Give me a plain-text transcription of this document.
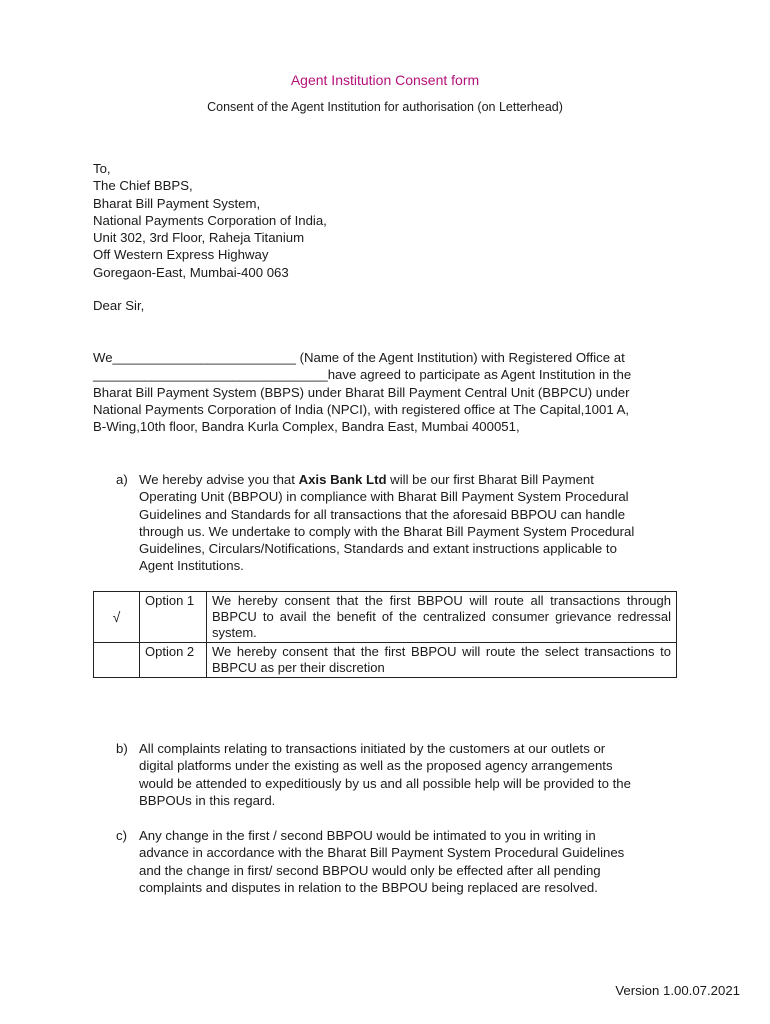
Agent Institution Consent form
Consent of the Agent Institution for authorisation (on Letterhead)
To,
The Chief BBPS,
Bharat Bill Payment System,
National Payments Corporation of India,
Unit 302, 3rd Floor, Raheja Titanium
Off Western Express Highway
Goregaon-East, Mumbai-400 063
Dear Sir,
We_________________________ (Name of the Agent Institution) with Registered Office at
________________________________have agreed to participate as Agent Institution in the
Bharat Bill Payment System (BBPS) under Bharat Bill Payment Central Unit (BBPCU) under
National Payments Corporation of India (NPCI), with registered office at The Capital,1001 A,
B-Wing,10th floor, Bandra Kurla Complex, Bandra East, Mumbai 400051,
a) We hereby advise you that Axis Bank Ltd will be our first Bharat Bill Payment
Operating Unit (BBPOU) in compliance with Bharat Bill Payment System Procedural
Guidelines and Standards for all transactions that the aforesaid BBPOU can handle
through us. We undertake to comply with the Bharat Bill Payment System Procedural
Guidelines, Circulars/Notifications, Standards and extant instructions applicable to
Agent Institutions.
√	Option 1	We hereby consent that the first BBPOU will route all transactions through BBPCU to avail the benefit of the centralized consumer grievance redressal system.
	Option 2	We hereby consent that the first BBPOU will route the select transactions to BBPCU as per their discretion
b) All complaints relating to transactions initiated by the customers at our outlets or
digital platforms under the existing as well as the proposed agency arrangements
would be attended to expeditiously by us and all possible help will be provided to the
BBPOUs in this regard.
c) Any change in the first / second BBPOU would be intimated to you in writing in
advance in accordance with the Bharat Bill Payment System Procedural Guidelines
and the change in first/ second BBPOU would only be effected after all pending
complaints and disputes in relation to the BBPOU being replaced are resolved.
Version 1.00.07.2021
